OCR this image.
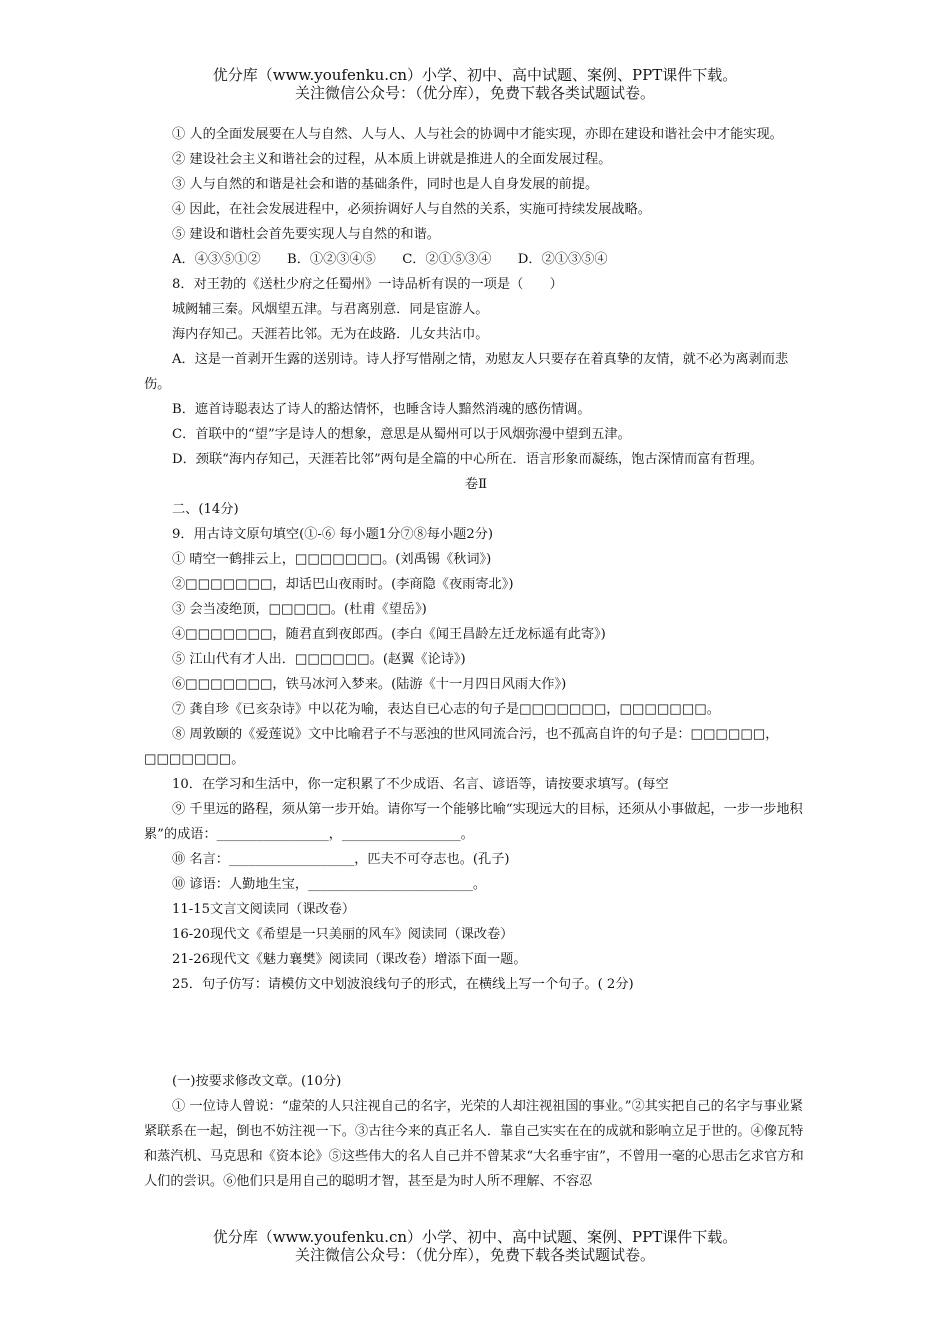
优分库（www.youfenku.cn）小学、初中、高中试题、案例、PPT课件下载。
关注微信公众号：（优分库），免费下载各类试题试卷。

① 人的全面发展要在人与自然、人与人、人与社会的协调中才能实现，亦即在建设和谐社会中才能实现。

② 建设社会主义和谐社会的过程，从本质上讲就是推进人的全面发展过程。

③ 人与自然的和谐是社会和谐的基础条件，同时也是人自身发展的前提。

④ 因此，在社会发展进程中，必须拚调好人与自然的关系，实施可持续发展战略。

⑤ 建设和谐杜会首先要实现人与自然的和谐。

A．④③⑤①②　　B．①②③④⑤　　C．②①⑤③④　　D．②①③⑤④

8．对王勃的《送杜少府之任蜀州》一诗品析有误的一项是（　　）

城阙辅三秦。风烟望五津。与君离别意．同是宦游人。

海内存知己。天涯若比邻。无为在歧路．儿女共沾巾。

A．这是一首剥开生露的送别诗。诗人抒写惜剐之情，劝慰友人只要存在着真挚的友情，就不必为离剥而悲伤。

B．遮首诗聪表达了诗人的豁达情怀，也睡含诗人黯然消魂的感伤情调。

C．首联中的“望”字是诗人的想象，意思是从蜀州可以于风烟弥漫中望到五津。

D．颈联“海内存知己，天涯若比邻”两句是全篇的中心所在．语言形象而凝练，饱古深情而富有哲理。

卷Ⅱ

二、(14分)

9．用古诗文原句填空(①-⑥ 每小题1分⑦⑧每小题2分)

① 晴空一鹤排云上，□□□□□□□。(刘禹锡《秋词》)

②□□□□□□□，却话巴山夜雨时。(李商隐《夜雨寄北》)

③ 会当凌绝顶，□□□□□。(杜甫《望岳》)

④□□□□□□□，随君直到夜郎西。(李白《闻王昌龄左迁龙标遥有此寄》)

⑤ 江山代有才人出．□□□□□□。(赵翼《论诗》)

⑥□□□□□□□，铁马冰河入梦来。(陆游《十一月四日风雨大作》)

⑦ 龚自珍《已亥杂诗》中以花为喻，表达自已心志的句子是□□□□□□□，□□□□□□□。

⑧ 周敦颐的《爱莲说》文中比喻君子不与恶浊的世风同流合污，也不孤高自许的句子是：□□□□□□，□□□□□□□。

10．在学习和生活中，你一定积累了不少成语、名言、谚语等，请按要求填写。(每空

⑨ 千里远的路程，须从第一步开始。请你写一个能够比喻“实现远大的目标，还须从小事做起，一步一步地积累”的成语：_________________，__________________。

⑩ 名言：___________________，匹夫不可夺志也。(孔子)

⑩ 谚语：人勤地生宝，_________________________。

11-15文言文阅读同（课改卷）

16-20现代文《希望是一只美丽的风车》阅读同（课改卷）

21-26现代文《魅力襄樊》阅读同（课改卷）增添下面一题。

25．句子仿写：请模仿文中划波浪线句子的形式，在横线上写一个句子。( 2分)

(一)按要求修改文章。(10分)

① 一位诗人曾说：“虚荣的人只注视自己的名字，光荣的人却注视祖国的事业。”②其实把自己的名字与事业紧紧联系在一起，倒也不妨注视一下。③古往今来的真正名人．靠自己实实在在的成就和影响立足于世的。④像瓦特和蒸汽机、马克思和《资本论》⑤这些伟大的名人自己并不曾某求“大名垂宇宙”，不曾用一毫的心思击乞求官方和人们的尝识。⑥他们只是用自己的聪明才智，甚至是为时人所不理解、不容忍

优分库（www.youfenku.cn）小学、初中、高中试题、案例、PPT课件下载。
关注微信公众号：（优分库），免费下载各类试题试卷。
